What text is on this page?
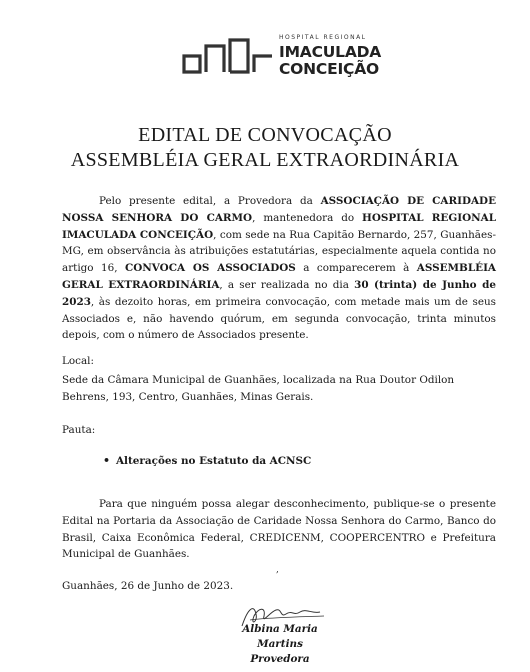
HOSPITAL REGIONAL
IMACULADA
CONCEIÇÃO
EDITAL DE CONVOCAÇÃO
ASSEMBLÉIA GERAL EXTRAORDINÁRIA

Pelo presente edital, a Provedora da ASSOCIAÇÃO DE CARIDADE NOSSA SENHORA DO CARMO, mantenedora do HOSPITAL REGIONAL IMACULADA CONCEIÇÃO, com sede na Rua Capitão Bernardo, 257, Guanhães-MG, em observância às atribuições estatutárias, especialmente aquela contida no artigo 16, CONVOCA OS ASSOCIADOS a comparecerem à ASSEMBLÉIA GERAL EXTRAORDINÁRIA, a ser realizada no dia 30 (trinta) de Junho de 2023, às dezoito horas, em primeira convocação, com metade mais um de seus Associados e, não havendo quórum, em segunda convocação, trinta minutos depois, com o número de Associados presente.

Local:

Sede da Câmara Municipal de Guanhães, localizada na Rua Doutor Odilon Behrens, 193, Centro, Guanhães, Minas Gerais.

Pauta:
• Alterações no Estatuto da ACNSC

Para que ninguém possa alegar desconhecimento, publique-se o presente Edital na Portaria da Associação de Caridade Nossa Senhora do Carmo, Banco do Brasil, Caixa Econômica Federal, CREDICENM, COOPERCENTRO e Prefeitura Municipal de Guanhães.

,
Guanhães, 26 de Junho de 2023.
Albina Maria Martins
Provedora
